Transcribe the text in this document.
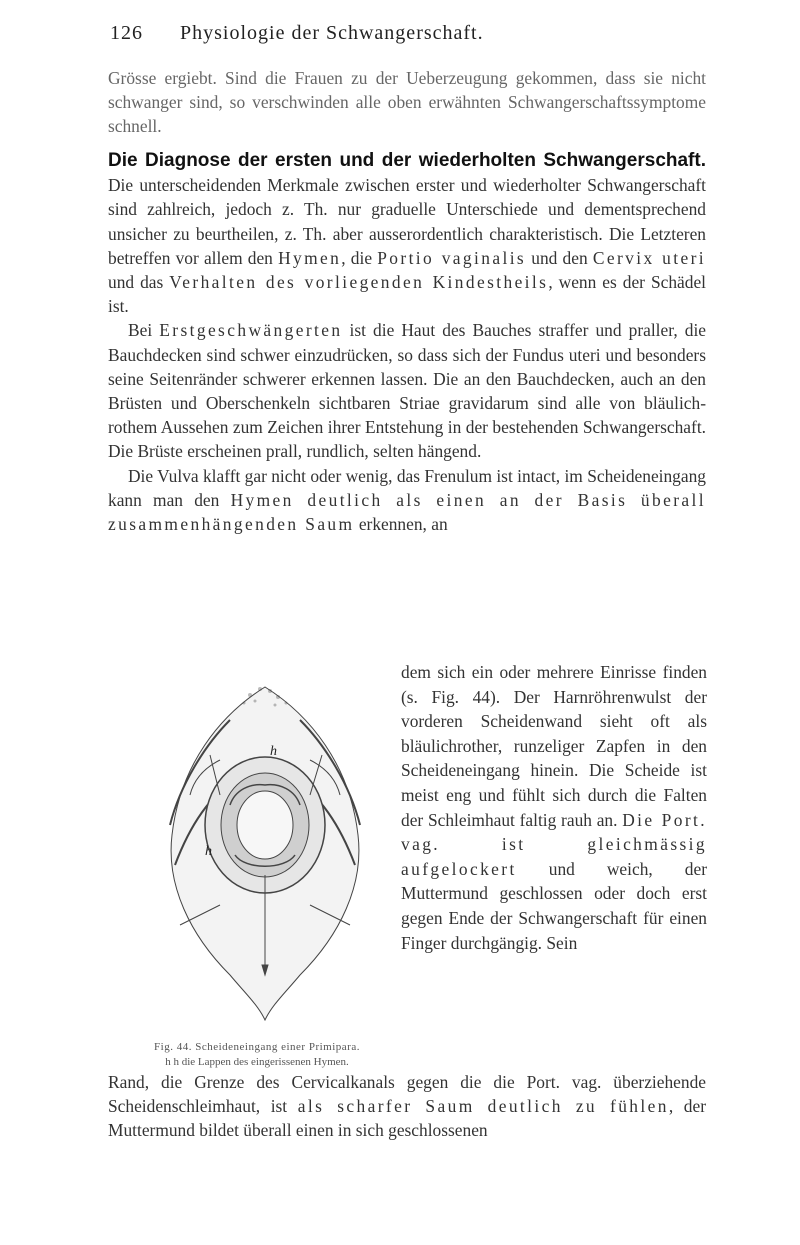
126 Physiologie der Schwangerschaft.

Grösse ergiebt. Sind die Frauen zu der Ueberzeugung gekommen, dass sie nicht schwanger sind, so verschwinden alle oben erwähnten Schwangerschaftssymptome schnell.

Die Diagnose der ersten und der wiederholten Schwangerschaft. Die unterscheidenden Merkmale zwischen erster und wiederholter Schwangerschaft sind zahlreich, jedoch z. Th. nur graduelle Unterschiede und dementsprechend unsicher zu beurtheilen, z. Th. aber ausserordentlich charakteristisch. Die Letzteren betreffen vor allem den Hymen, die Portio vaginalis und den Cervix uteri und das Verhalten des vorliegenden Kindestheils, wenn es der Schädel ist.

Bei Erstgeschwängerten ist die Haut des Bauches straffer und praller, die Bauchdecken sind schwer einzudrücken, so dass sich der Fundus uteri und besonders seine Seitenränder schwerer erkennen lassen. Die an den Bauchdecken, auch an den Brüsten und Oberschenkeln sichtbaren Striae gravidarum sind alle von bläulich-rothem Aussehen zum Zeichen ihrer Entstehung in der bestehenden Schwangerschaft. Die Brüste erscheinen prall, rundlich, selten hängend.

Die Vulva klafft gar nicht oder wenig, das Frenulum ist intact, im Scheideneingang kann man den Hymen deutlich als einen an der Basis überall zusammenhängenden Saum erkennen, an

dem sich ein oder mehrere Einrisse finden (s. Fig. 44). Der Harnröhrenwulst der vorderen Scheidenwand sieht oft als bläulichrother, runzeliger Zapfen in den Scheideneingang hinein. Die Scheide ist meist eng und fühlt sich durch die Falten der Schleimhaut faltig rauh an. Die Port. vag. ist gleichmässig aufgelockert und weich, der Muttermund geschlossen oder doch erst gegen Ende der Schwangerschaft für einen Finger durchgängig. Sein
h
h
Fig. 44. Scheideneingang einer Primipara.
h h die Lappen des eingerissenen Hymen.

Rand, die Grenze des Cervicalkanals gegen die die Port. vag. überziehende Scheidenschleimhaut, ist als scharfer Saum deutlich zu fühlen, der Muttermund bildet überall einen in sich geschlossenen
